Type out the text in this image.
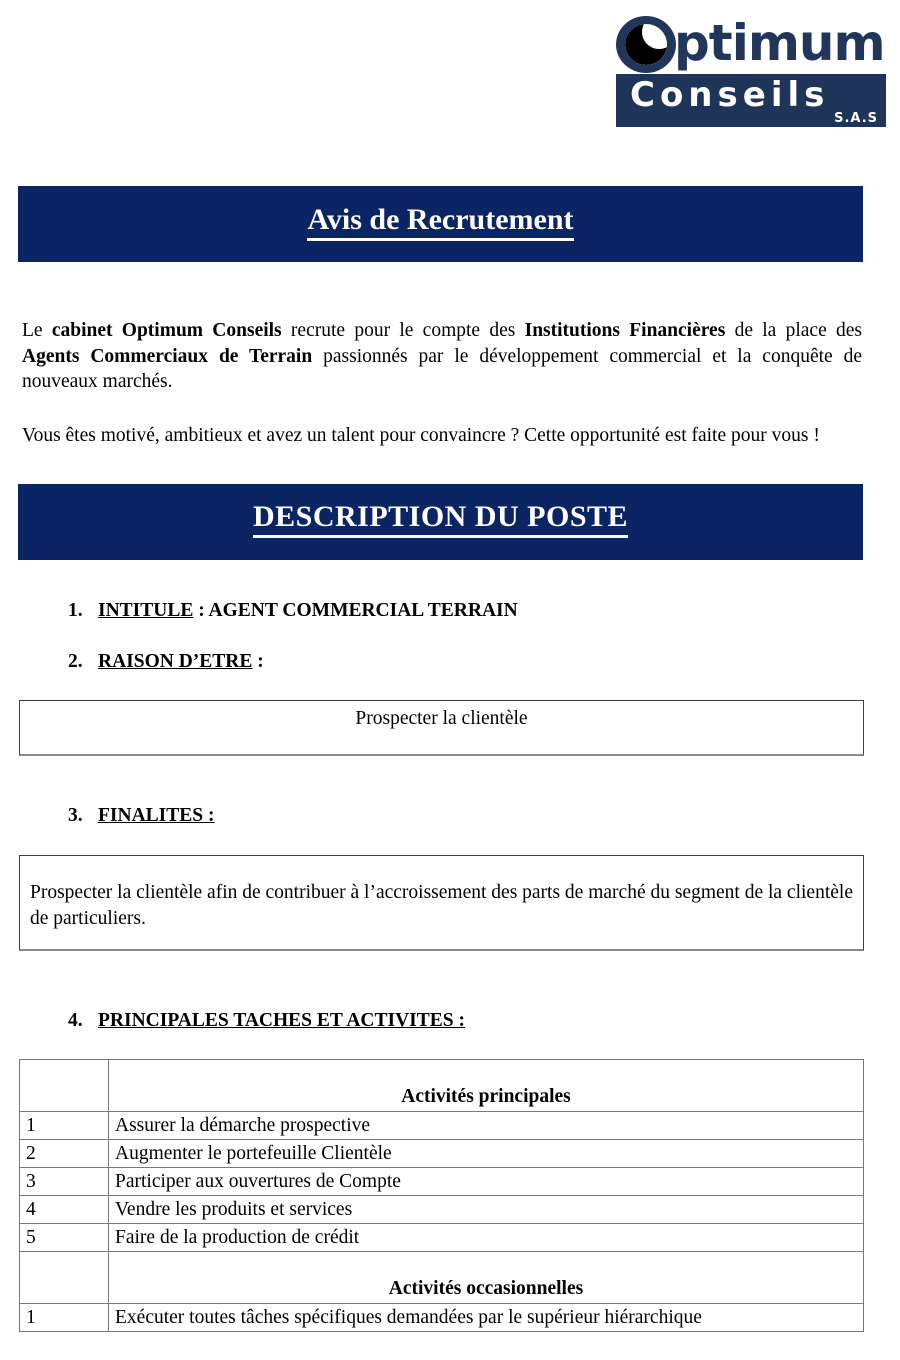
ptimum
Conseils
S.A.S
Avis de Recrutement
Le cabinet Optimum Conseils recrute pour le compte des Institutions Financières de la place des Agents Commerciaux de Terrain passionnés par le développement commercial et la conquête de nouveaux marchés.
Vous êtes motivé, ambitieux et avez un talent pour convaincre ? Cette opportunité est faite pour vous !
DESCRIPTION DU POSTE
1. INTITULE : AGENT COMMERCIAL TERRAIN
2. RAISON D’ETRE :
Prospecter la clientèle
3. FINALITES :
Prospecter la clientèle afin de contribuer à l’accroissement des parts de marché du segment de la clientèle de particuliers.
4. PRINCIPALES TACHES ET ACTIVITES :
	Activités principales
1	Assurer la démarche prospective
2	Augmenter le portefeuille Clientèle
3	Participer aux ouvertures de Compte
4	Vendre les produits et services
5	Faire de la production de crédit
	Activités occasionnelles
1	Exécuter toutes tâches spécifiques demandées par le supérieur hiérarchique
